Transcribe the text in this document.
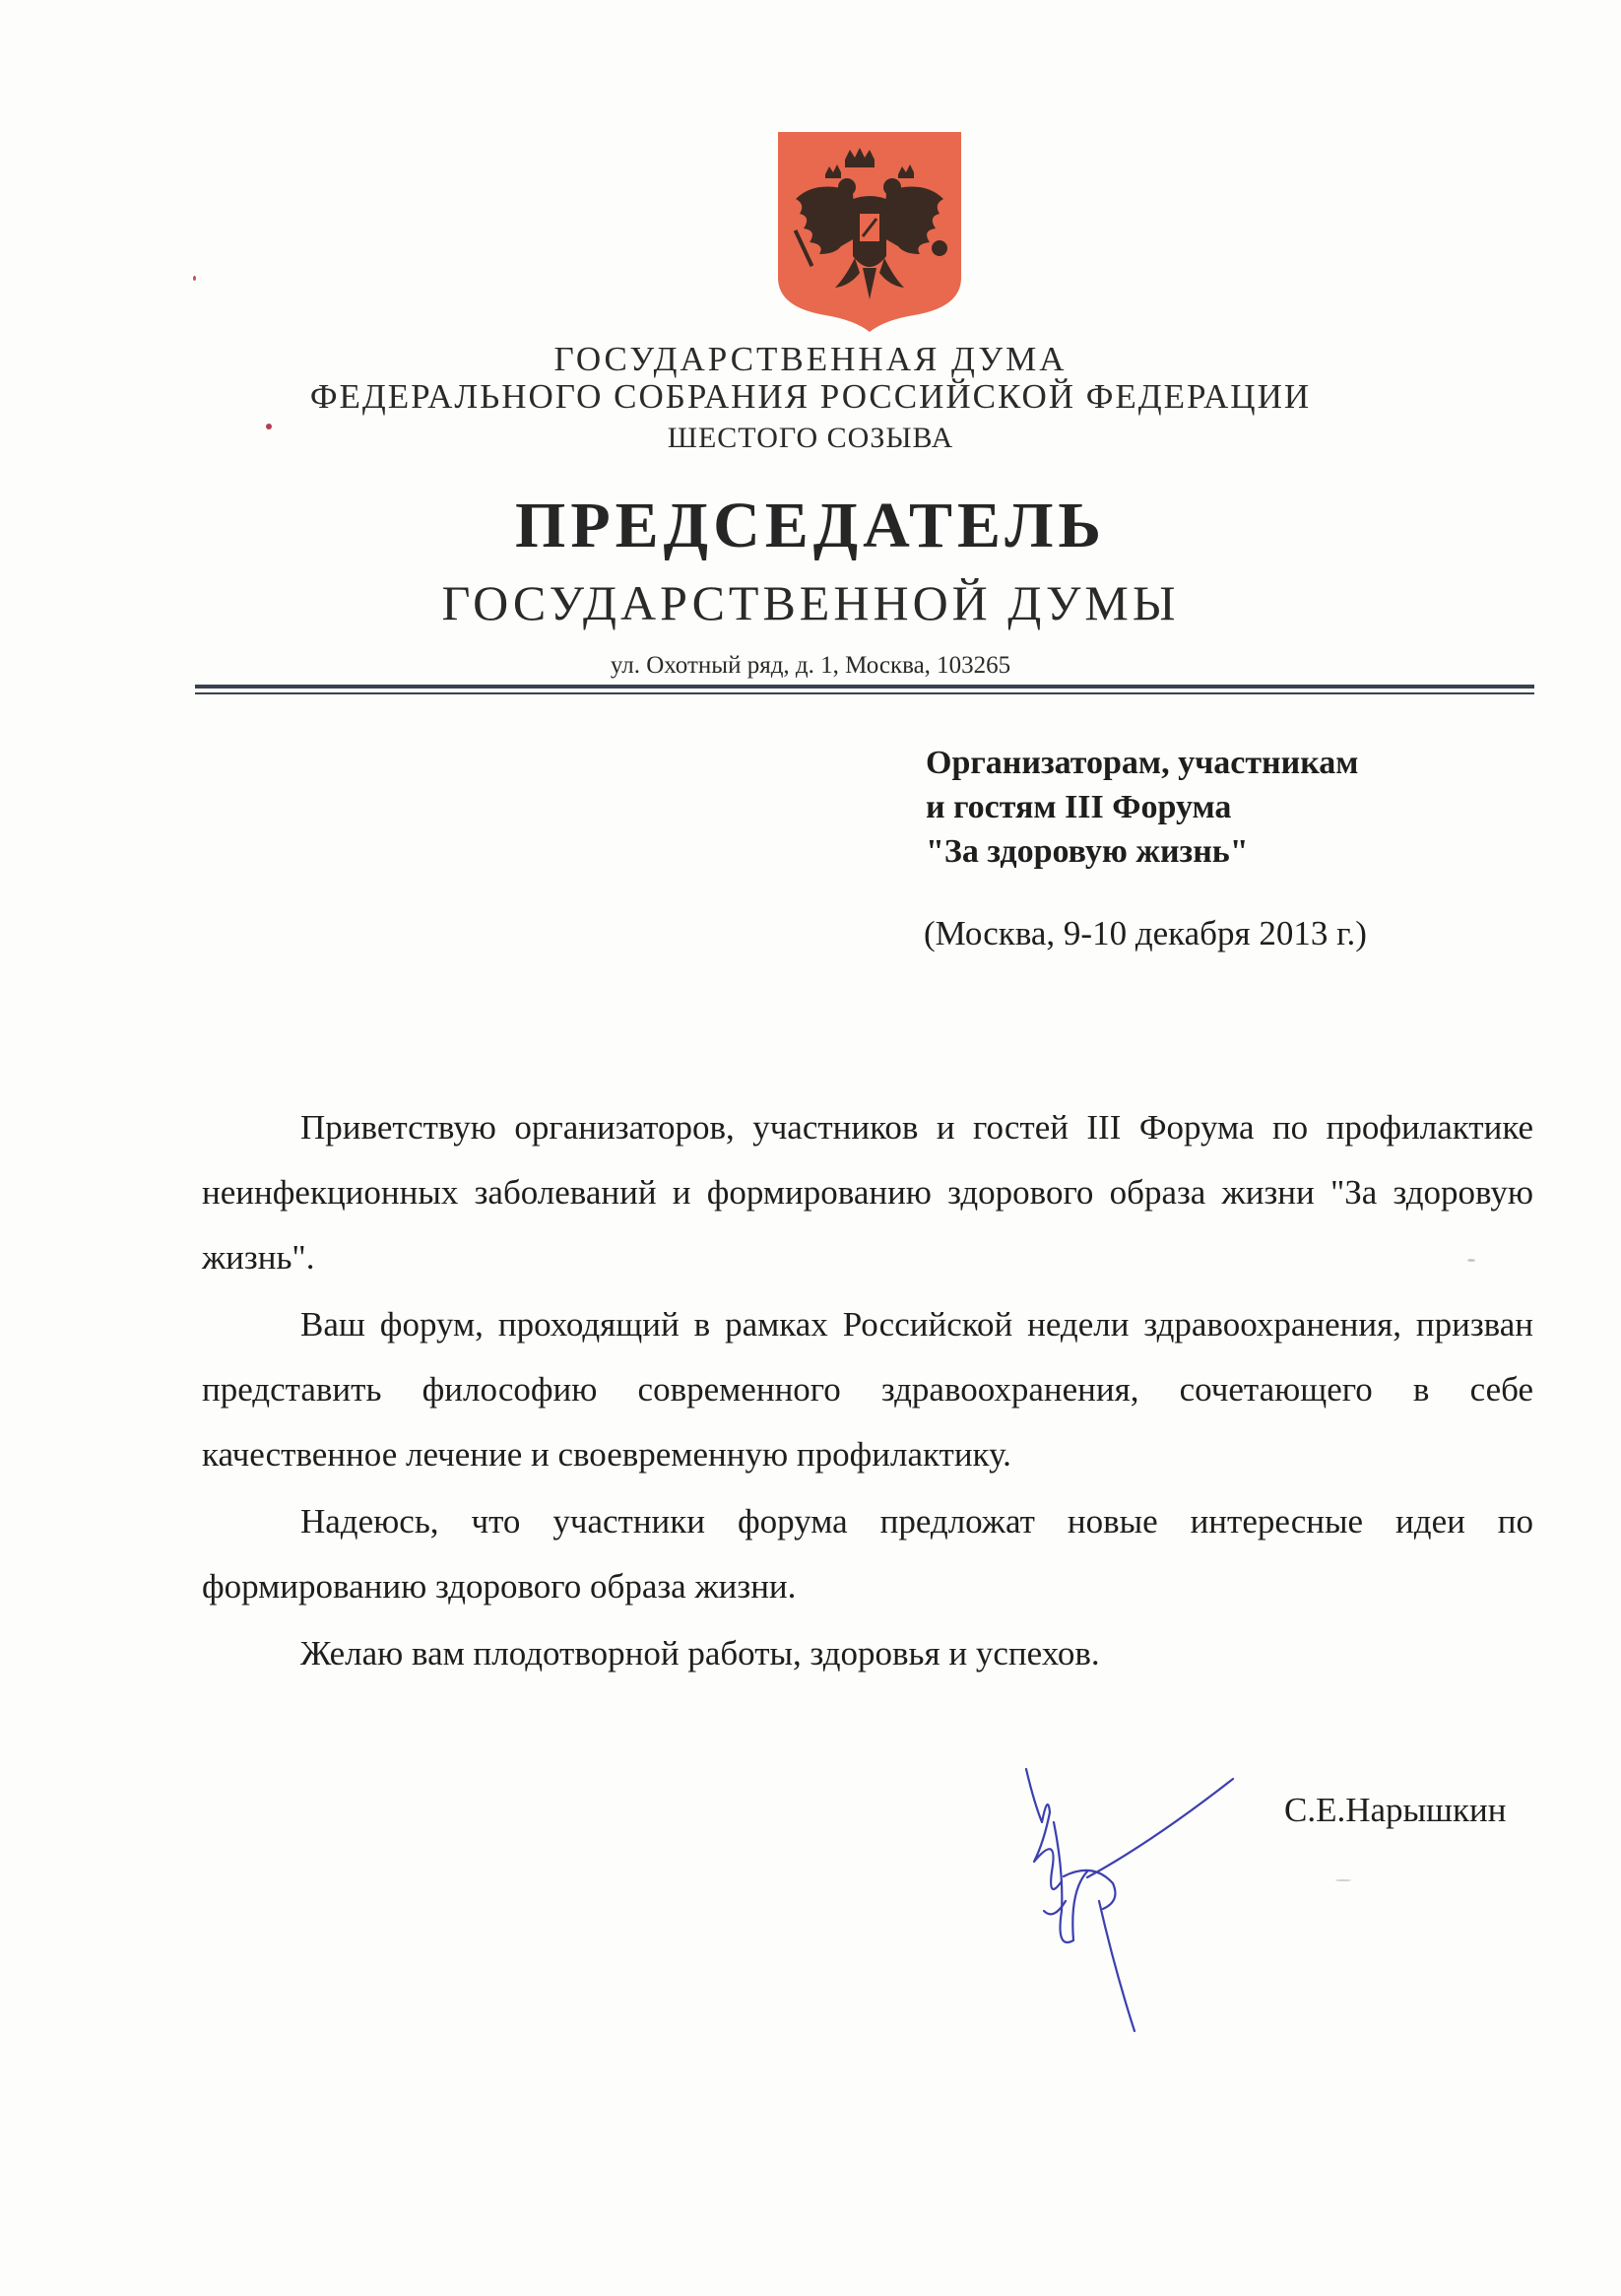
ГОСУДАРСТВЕННАЯ ДУМА
ФЕДЕРАЛЬНОГО СОБРАНИЯ РОССИЙСКОЙ ФЕДЕРАЦИИ
ШЕСТОГО СОЗЫВА
ПРЕДСЕДАТЕЛЬ
ГОСУДАРСТВЕННОЙ ДУМЫ
ул. Охотный ряд, д. 1, Москва, 103265
Организаторам, участникам
и гостям III Форума
"За здоровую жизнь"
(Москва, 9-10 декабря 2013 г.)

Приветствую организаторов, участников и гостей III Форума по профилактике неинфекционных заболеваний и формированию здорового образа жизни "За здоровую жизнь".

Ваш форум, проходящий в рамках Российской недели здравоохранения, призван представить философию современного здравоохранения, сочетающего в себе качественное лечение и своевременную профилактику.

Надеюсь, что участники форума предложат новые интересные идеи по формированию здорового образа жизни.

Желаю вам плодотворной работы, здоровья и успехов.

С.Е.Нарышкин
